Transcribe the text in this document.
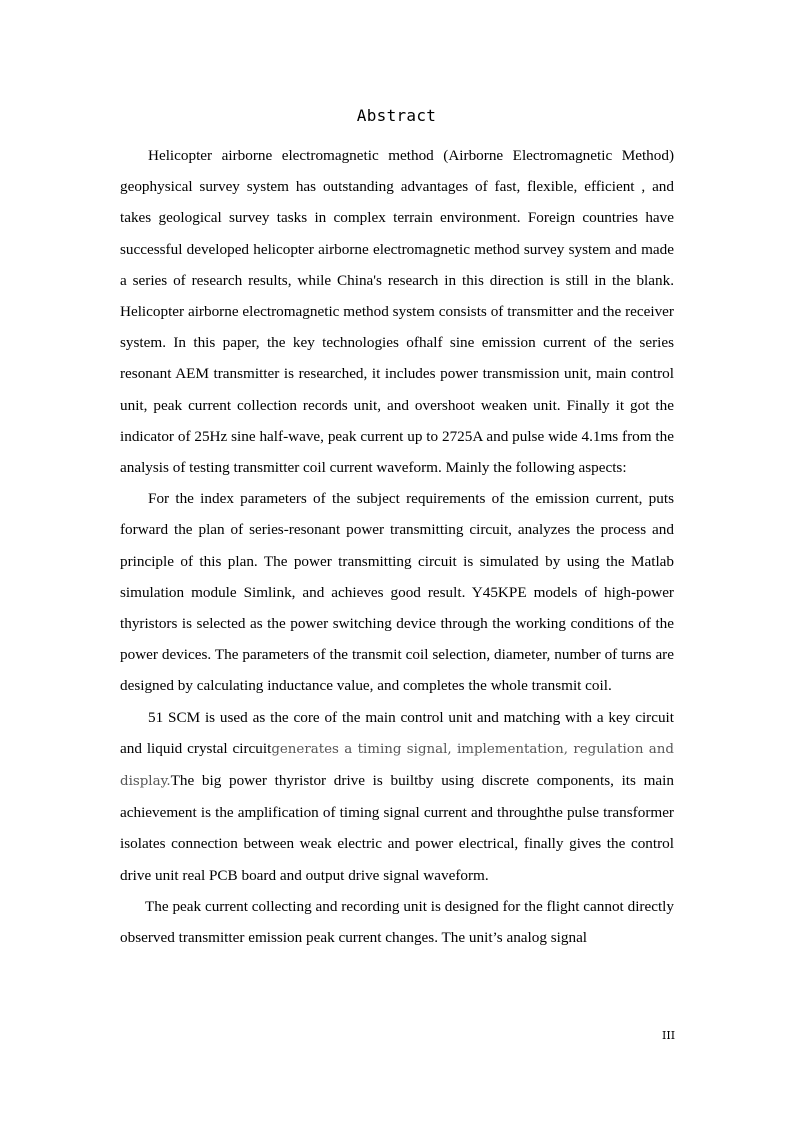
Abstract

Helicopter airborne electromagnetic method (Airborne Electromagnetic Method) geophysical survey system has outstanding advantages of fast, flexible, efficient , and takes geological survey tasks in complex terrain environment. Foreign countries have successful developed helicopter airborne electromagnetic method survey system and made a series of research results, while China's research in this direction is still in the blank. Helicopter airborne electromagnetic method system consists of transmitter and the receiver system. In this paper, the key technologies ofhalf sine emission current of the series resonant AEM transmitter is researched, it includes power transmission unit, main control unit, peak current collection records unit, and overshoot weaken unit. Finally it got the indicator of 25Hz sine half-wave, peak current up to 2725A and pulse wide 4.1ms from the analysis of testing transmitter coil current waveform. Mainly the following aspects:

For the index parameters of the subject requirements of the emission current, puts forward the plan of series-resonant power transmitting circuit, analyzes the process and principle of this plan. The power transmitting circuit is simulated by using the Matlab simulation module Simlink, and achieves good result. Y45KPE models of high-power thyristors is selected as the power switching device through the working conditions of the power devices. The parameters of the transmit coil selection, diameter, number of turns are designed by calculating inductance value, and completes the whole transmit coil.

51 SCM is used as the core of the main control unit and matching with a key circuit and liquid crystal circuitgenerates a timing signal, implementation, regulation and display.The big power thyristor drive is builtby using discrete components, its main achievement is the amplification of timing signal current and throughthe pulse transformer isolates connection between weak electric and power electrical, finally gives the control drive unit real PCB board and output drive signal waveform.

The peak current collecting and recording unit is designed for the flight cannot directly observed transmitter emission peak current changes. The unit’s analog signal

III
